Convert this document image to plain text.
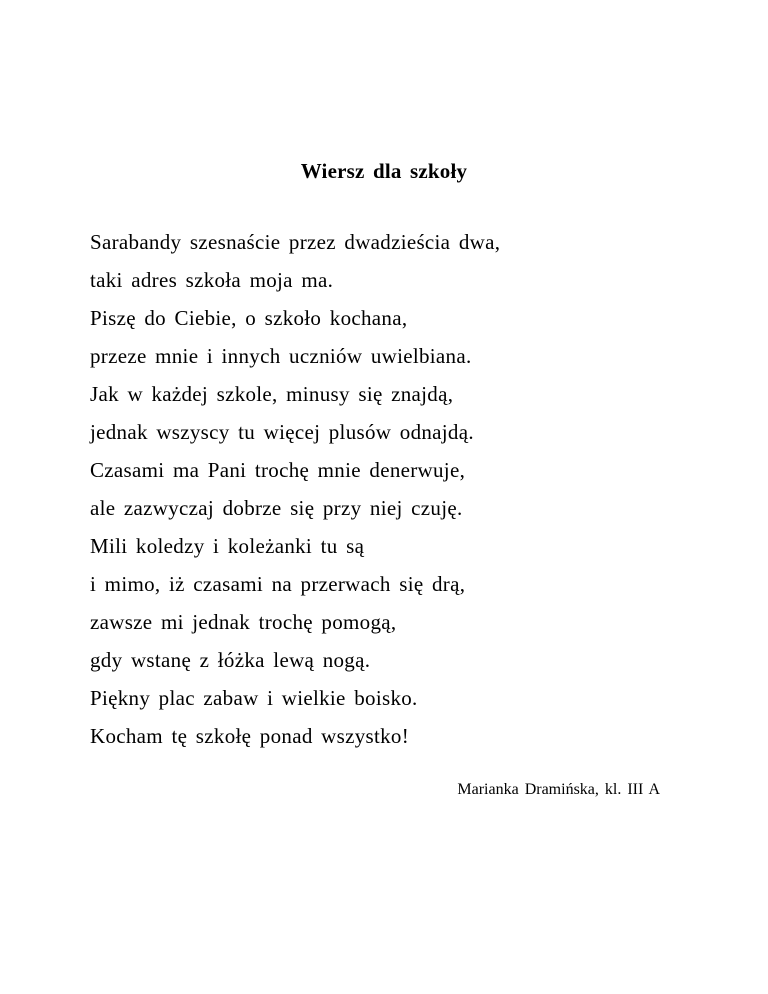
Wiersz dla szkoły
Sarabandy szesnaście przez dwadzieścia dwa,
taki adres szkoła moja ma.
Piszę do Ciebie, o szkoło kochana,
przeze mnie i innych uczniów uwielbiana.
Jak w każdej szkole, minusy się znajdą,
jednak wszyscy tu więcej plusów odnajdą.
Czasami ma Pani trochę mnie denerwuje,
ale zazwyczaj dobrze się przy niej czuję.
Mili koledzy i koleżanki tu są
i mimo, iż czasami na przerwach się drą,
zawsze mi jednak trochę pomogą,
gdy wstanę z łóżka lewą nogą.
Piękny plac zabaw i wielkie boisko.
Kocham tę szkołę ponad wszystko!
Marianka Dramińska, kl. III A
